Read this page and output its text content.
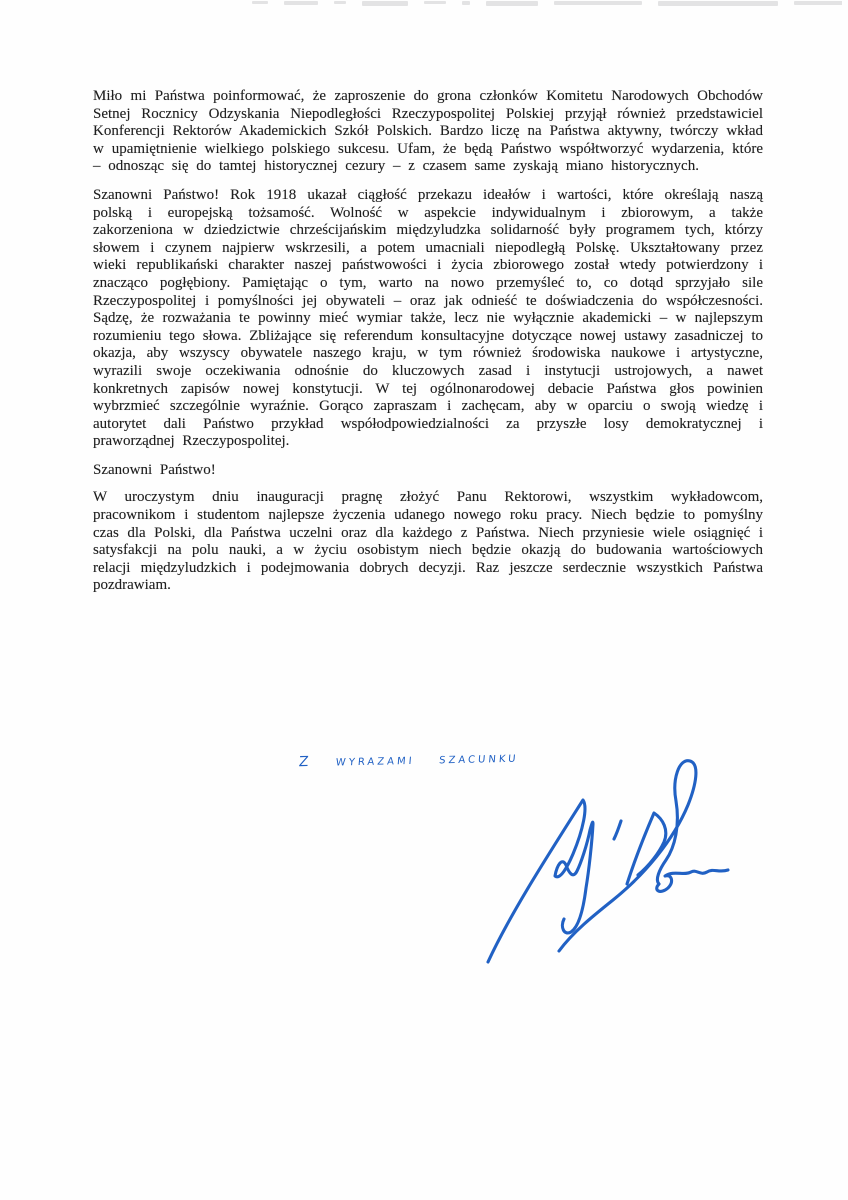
Miło mi Państwa poinformować, że zaproszenie do grona członków Komitetu Narodowych Obchodów Setnej Rocznicy Odzyskania Niepodległości Rzeczypospolitej Polskiej przyjął również przedstawiciel Konferencji Rektorów Akademickich Szkół Polskich. Bardzo liczę na Państwa aktywny, twórczy wkład w upamiętnienie wielkiego polskiego sukcesu. Ufam, że będą Państwo współtworzyć wydarzenia, które – odnosząc się do tamtej historycznej cezury – z czasem same zyskają miano historycznych.

Szanowni Państwo! Rok 1918 ukazał ciągłość przekazu ideałów i wartości, które określają naszą polską i europejską tożsamość. Wolność w aspekcie indywidualnym i zbiorowym, a także zakorzeniona w dziedzictwie chrześcijańskim międzyludzka solidarność były programem tych, którzy słowem i czynem najpierw wskrzesili, a potem umacniali niepodległą Polskę. Ukształtowany przez wieki republikański charakter naszej państwowości i życia zbiorowego został wtedy potwierdzony i znacząco pogłębiony. Pamiętając o tym, warto na nowo przemyśleć to, co dotąd sprzyjało sile Rzeczypospolitej i pomyślności jej obywateli – oraz jak odnieść te doświadczenia do współczesności. Sądzę, że rozważania te powinny mieć wymiar także, lecz nie wyłącznie akademicki – w najlepszym rozumieniu tego słowa. Zbliżające się referendum konsultacyjne dotyczące nowej ustawy zasadniczej to okazja, aby wszyscy obywatele naszego kraju, w tym również środowiska naukowe i artystyczne, wyrazili swoje oczekiwania odnośnie do kluczowych zasad i instytucji ustrojowych, a nawet konkretnych zapisów nowej konstytucji. W tej ogólnonarodowej debacie Państwa głos powinien wybrzmieć szczególnie wyraźnie. Gorąco zapraszam i zachęcam, aby w oparciu o swoją wiedzę i autorytet dali Państwo przykład współodpowiedzialności za przyszłe losy demokratycznej i praworządnej Rzeczypospolitej.

Szanowni Państwo!

W uroczystym dniu inauguracji pragnę złożyć Panu Rektorowi, wszystkim wykładowcom, pracownikom i studentom najlepsze życzenia udanego nowego roku pracy. Niech będzie to pomyślny czas dla Polski, dla Państwa uczelni oraz dla każdego z Państwa. Niech przyniesie wiele osiągnięć i satysfakcji na polu nauki, a w życiu osobistym niech będzie okazją do budowania wartościowych relacji międzyludzkich i podejmowania dobrych decyzji. Raz jeszcze serdecznie wszystkich Państwa pozdrawiam.

Z wyrazami szacunku
